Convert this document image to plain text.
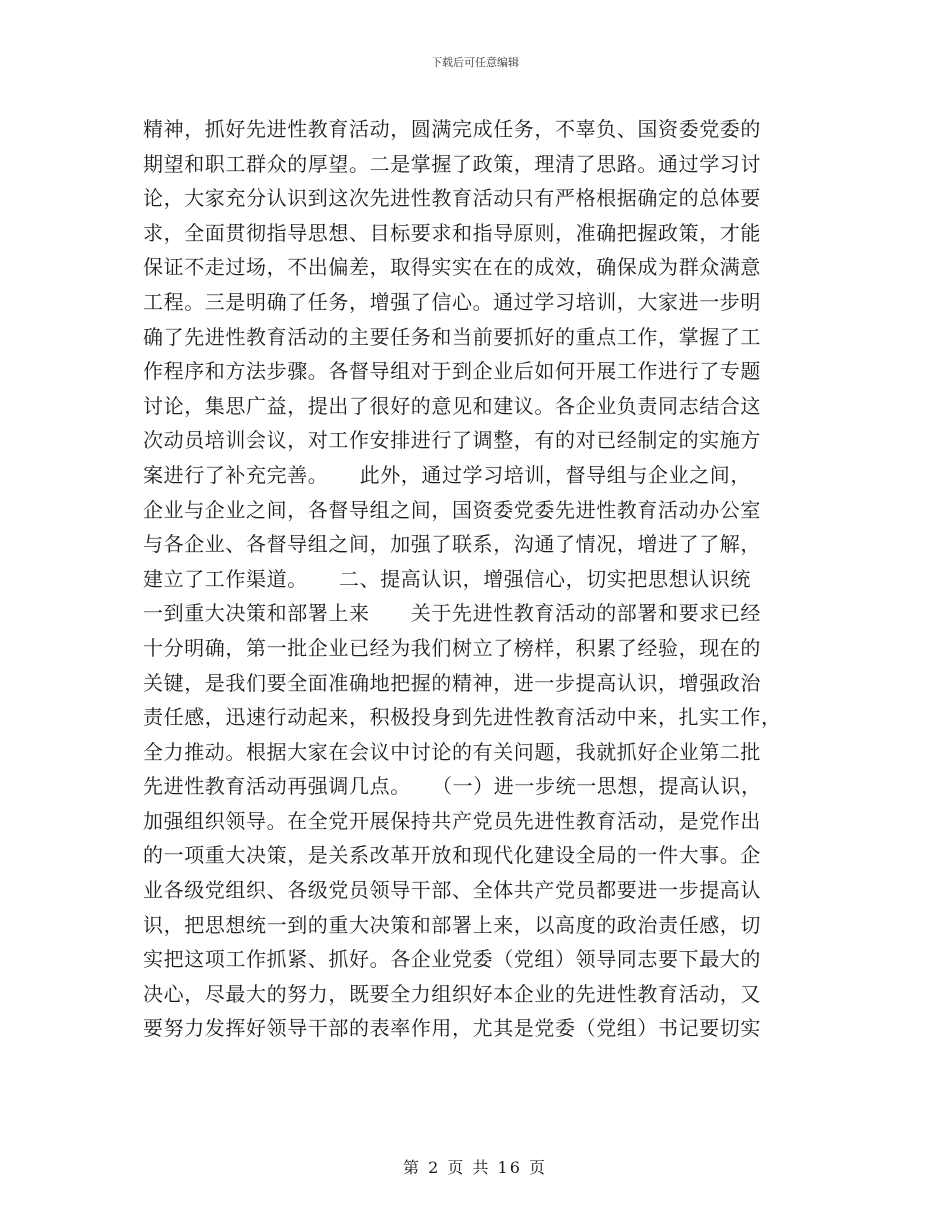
下载后可任意编辑
精神，抓好先进性教育活动，圆满完成任务，不辜负、国资委党委的
期望和职工群众的厚望。二是掌握了政策，理清了思路。通过学习讨
论，大家充分认识到这次先进性教育活动只有严格根据确定的总体要
求，全面贯彻指导思想、目标要求和指导原则，准确把握政策，才能
保证不走过场，不出偏差，取得实实在在的成效，确保成为群众满意
工程。三是明确了任务，增强了信心。通过学习培训，大家进一步明
确了先进性教育活动的主要任务和当前要抓好的重点工作，掌握了工
作程序和方法步骤。各督导组对于到企业后如何开展工作进行了专题
讨论，集思广益，提出了很好的意见和建议。各企业负责同志结合这
次动员培训会议，对工作安排进行了调整，有的对已经制定的实施方
案进行了补充完善。　　此外，通过学习培训，督导组与企业之间，
企业与企业之间，各督导组之间，国资委党委先进性教育活动办公室
与各企业、各督导组之间，加强了联系，沟通了情况，增进了了解，
建立了工作渠道。　　二、提高认识，增强信心，切实把思想认识统
一到重大决策和部署上来　　关于先进性教育活动的部署和要求已经
十分明确，第一批企业已经为我们树立了榜样，积累了经验，现在的
关键，是我们要全面准确地把握的精神，进一步提高认识，增强政治
责任感，迅速行动起来，积极投身到先进性教育活动中来，扎实工作，
全力推动。根据大家在会议中讨论的有关问题，我就抓好企业第二批
先进性教育活动再强调几点。　　（一）进一步统一思想，提高认识，
加强组织领导。在全党开展保持共产党员先进性教育活动，是党作出
的一项重大决策，是关系改革开放和现代化建设全局的一件大事。企
业各级党组织、各级党员领导干部、全体共产党员都要进一步提高认
识，把思想统一到的重大决策和部署上来，以高度的政治责任感，切
实把这项工作抓紧、抓好。各企业党委（党组）领导同志要下最大的
决心，尽最大的努力，既要全力组织好本企业的先进性教育活动，又
要努力发挥好领导干部的表率作用，尤其是党委（党组）书记要切实
第 2 页 共 16 页
